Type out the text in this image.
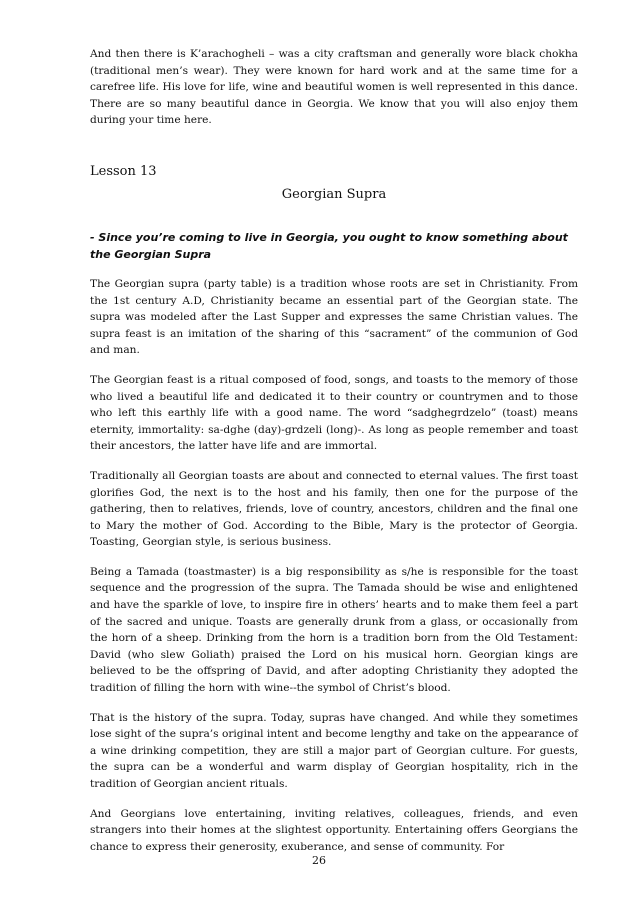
And then there is K’arachogheli – was a city craftsman and generally wore black chokha (traditional men’s wear). They were known for hard work and at the same time for a carefree life. His love for life, wine and beautiful women is well represented in this dance. There are so many beautiful dance in Georgia. We know that you will also enjoy them during your time here.

Lesson 13
Georgian Supra

- Since you’re coming to live in Georgia, you ought to know something about the Georgian Supra

The Georgian supra (party table) is a tradition whose roots are set in Christianity. From the 1st century A.D, Christianity became an essential part of the Georgian state. The supra was modeled after the Last Supper and expresses the same Christian values. The supra feast is an imitation of the sharing of this “sacrament” of the communion of God and man.

The Georgian feast is a ritual composed of food, songs, and toasts to the memory of those who lived a beautiful life and dedicated it to their country or countrymen and to those who left this earthly life with a good name. The word “sadghegrdzelo” (toast) means eternity, immortality: sa-dghe (day)-grdzeli (long)-. As long as people remember and toast their ancestors, the latter have life and are immortal.

Traditionally all Georgian toasts are about and connected to eternal values. The first toast glorifies God, the next is to the host and his family, then one for the purpose of the gathering, then to relatives, friends, love of country, ancestors, children and the final one to Mary the mother of God. According to the Bible, Mary is the protector of Georgia. Toasting, Georgian style, is serious business.

Being a Tamada (toastmaster) is a big responsibility as s/he is responsible for the toast sequence and the progression of the supra. The Tamada should be wise and enlightened and have the sparkle of love, to inspire fire in others’ hearts and to make them feel a part of the sacred and unique. Toasts are generally drunk from a glass, or occasionally from the horn of a sheep. Drinking from the horn is a tradition born from the Old Testament: David (who slew Goliath) praised the Lord on his musical horn. Georgian kings are believed to be the offspring of David, and after adopting Christianity they adopted the tradition of filling the horn with wine--the symbol of Christ’s blood.

That is the history of the supra. Today, supras have changed. And while they sometimes lose sight of the supra’s original intent and become lengthy and take on the appearance of a wine drinking competition, they are still a major part of Georgian culture. For guests, the supra can be a wonderful and warm display of Georgian hospitality, rich in the tradition of Georgian ancient rituals.

And Georgians love entertaining, inviting relatives, colleagues, friends, and even strangers into their homes at the slightest opportunity. Entertaining offers Georgians the chance to express their generosity, exuberance, and sense of community. For

26
